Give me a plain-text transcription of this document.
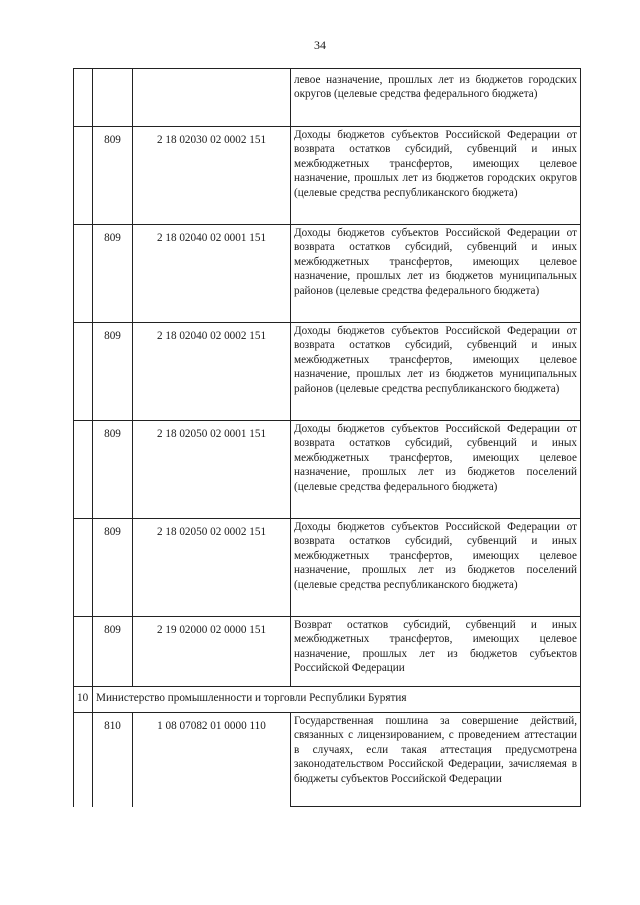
34
			левое назначение, прошлых лет из бюджетов городских округов (целевые средства федерального бюджета)
	809	2 18 02030 02 0002 151	Доходы бюджетов субъектов Российской Федерации от возврата остатков субсидий, субвенций и иных межбюджетных трансфертов, имеющих целевое назначение, прошлых лет из бюджетов городских округов (целевые средства республиканского бюджета)
	809	2 18 02040 02 0001 151	Доходы бюджетов субъектов Российской Федерации от возврата остатков субсидий, субвенций и иных межбюджетных трансфертов, имеющих целевое назначение, прошлых лет из бюджетов муниципальных районов (целевые средства федерального бюджета)
	809	2 18 02040 02 0002 151	Доходы бюджетов субъектов Российской Федерации от возврата остатков субсидий, субвенций и иных межбюджетных трансфертов, имеющих целевое назначение, прошлых лет из бюджетов муниципальных районов (целевые средства республиканского бюджета)
	809	2 18 02050 02 0001 151	Доходы бюджетов субъектов Российской Федерации от возврата остатков субсидий, субвенций и иных межбюджетных трансфертов, имеющих целевое назначение, прошлых лет из бюджетов поселений (целевые средства федерального бюджета)
	809	2 18 02050 02 0002 151	Доходы бюджетов субъектов Российской Федерации от возврата остатков субсидий, субвенций и иных межбюджетных трансфертов, имеющих целевое назначение, прошлых лет из бюджетов поселений (целевые средства республиканского бюджета)
	809	2 19 02000 02 0000 151	Возврат остатков субсидий, субвенций и иных межбюджетных трансфертов, имеющих целевое назначение, прошлых лет из бюджетов субъектов Российской Федерации
10	Министерство промышленности и торговли Республики Бурятия		
	810	1 08 07082 01 0000 110	Государственная пошлина за совершение действий, связанных с лицензированием, с проведением аттестации в случаях, если такая аттестация предусмотрена законодательством Российской Федерации, зачисляемая в бюджеты субъектов Российской Федерации
